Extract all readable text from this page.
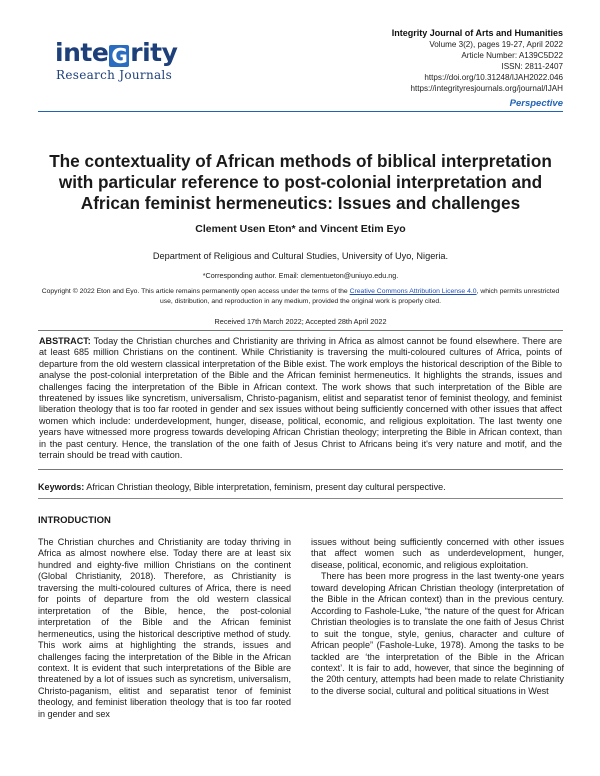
inte G rity
Research Journals
Integrity Journal of Arts and Humanities
Volume 3(2), pages 19-27, April 2022
Article Number: A139C5D22
ISSN: 2811-2407
https://doi.org/10.31248/IJAH2022.046
https://integrityresjournals.org/journal/IJAH
Perspective
The contextuality of African methods of biblical interpretation with particular reference to post-colonial interpretation and African feminist hermeneutics: Issues and challenges
Clement Usen Eton* and Vincent Etim Eyo
Department of Religious and Cultural Studies, University of Uyo, Nigeria.
*Corresponding author. Email: clementueton@uniuyo.edu.ng.
Copyright © 2022 Eton and Eyo. This article remains permanently open access under the terms of the Creative Commons Attribution License 4.0, which permits unrestricted use, distribution, and reproduction in any medium, provided the original work is properly cited.
Received 17th March 2022; Accepted 28th April 2022
ABSTRACT: Today the Christian churches and Christianity are thriving in Africa as almost cannot be found elsewhere. There are at least 685 million Christians on the continent. While Christianity is traversing the multi-coloured cultures of Africa, points of departure from the old western classical interpretation of the Bible exist. The work employs the historical description of the Bible to analyse the post-colonial interpretation of the Bible and the African feminist hermeneutics. It highlights the strands, issues and challenges facing the interpretation of the Bible in African context. The work shows that such interpretation of the Bible are threatened by issues like syncretism, universalism, Christo-paganism, elitist and separatist tenor of feminist theology, and feminist liberation theology that is too far rooted in gender and sex issues without being sufficiently concerned with other issues that affect women which include: underdevelopment, hunger, disease, political, economic, and religious exploitation. The last twenty one years have witnessed more progress towards developing African Christian theology; interpreting the Bible in African context, than in the past century. Hence, the translation of the one faith of Jesus Christ to Africans being it's very nature and motif, and the terrain should be tread with caution.
Keywords: African Christian theology, Bible interpretation, feminism, present day cultural perspective.
INTRODUCTION

The Christian churches and Christianity are today thriving in Africa as almost nowhere else. Today there are at least six hundred and eighty-five million Christians on the continent (Global Christianity, 2018). Therefore, as Christianity is traversing the multi-coloured cultures of Africa, there is need for points of departure from the old western classical interpretation of the Bible, hence, the post-colonial interpretation of the Bible and the African feminist hermeneutics, using the historical descriptive method of study. This work aims at highlighting the strands, issues and challenges facing the interpretation of the Bible in the African context. It is evident that such interpretations of the Bible are threatened by a lot of issues such as syncretism, universalism, Christo-paganism, elitist and separatist tenor of feminist theology, and feminist liberation theology that is too far rooted in gender and sex

issues without being sufficiently concerned with other issues that affect women such as underdevelopment, hunger, disease, political, economic, and religious exploitation.

There has been more progress in the last twenty-one years toward developing African Christian theology (interpretation of the Bible in the African context) than in the previous century. According to Fashole-Luke, “the nature of the quest for African Christian theologies is to translate the one faith of Jesus Christ to suit the tongue, style, genius, character and culture of African people” (Fashole-Luke, 1978). Among the tasks to be tackled are ‘the interpretation of the Bible in the African context’. It is fair to add, however, that since the beginning of the 20th century, attempts had been made to relate Christianity to the diverse social, cultural and political situations in West
